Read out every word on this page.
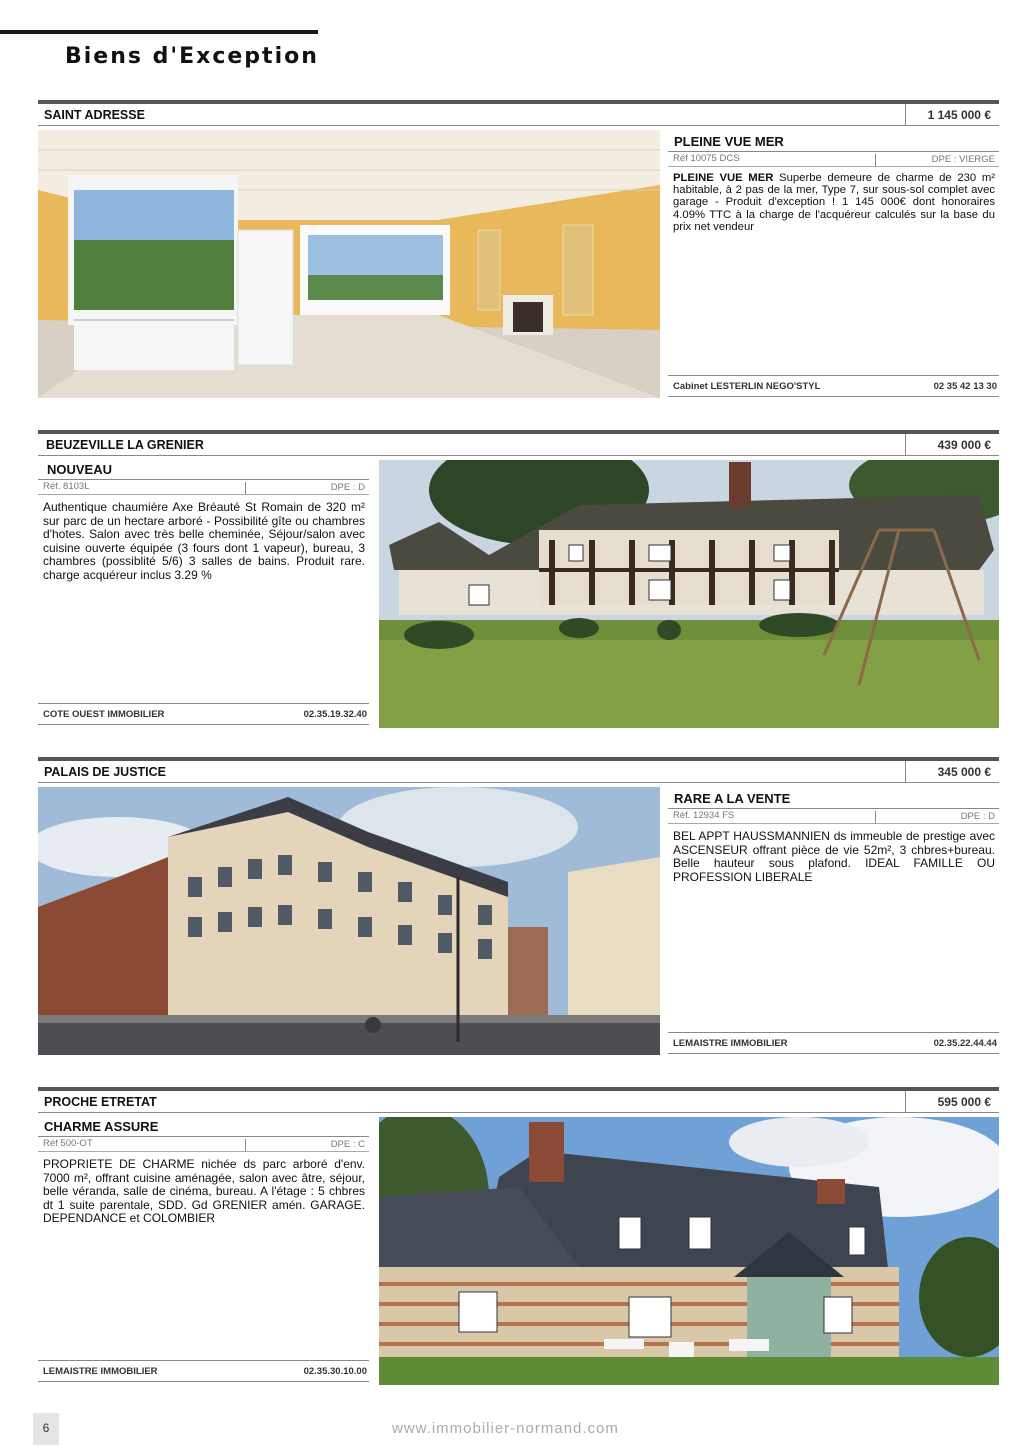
Biens d'Exception
SAINT ADRESSE	1 145 000 €
PLEINE VUE MER
Réf 10075 DCS	DPE : VIERGE
PLEINE VUE MER Superbe demeure de charme de 230 m² habitable, à 2 pas de la mer, Type 7, sur sous-sol complet avec garage - Produit d'exception ! 1 145 000€ dont honoraires 4.09% TTC à la charge de l'acquéreur calculés sur la base du prix net vendeur
Cabinet LESTERLIN NEGO'STYL	02 35 42 13 30
BEUZEVILLE LA GRENIER	439 000 €
NOUVEAU
Réf. 8103L	DPE : D
Authentique chaumière Axe Bréauté St Romain de 320 m² sur parc de un hectare arboré - Possibilité gîte ou chambres d'hotes. Salon avec très belle cheminée, Séjour/salon avec cuisine ouverte équipée (3 fours dont 1 vapeur), bureau, 3 chambres (possiblité 5/6) 3 salles de bains. Produit rare. charge acquéreur inclus 3.29 %
COTE OUEST IMMOBILIER	02.35.19.32.40
PALAIS DE JUSTICE	345 000 €
RARE A LA VENTE
Réf. 12934 FS	DPE : D
BEL APPT HAUSSMANNIEN ds immeuble de prestige avec ASCENSEUR offrant pièce de vie 52m², 3 chbres+bureau. Belle hauteur sous plafond. IDEAL FAMILLE OU PROFESSION LIBERALE
LEMAISTRE IMMOBILIER	02.35.22.44.44
PROCHE ETRETAT	595 000 €
CHARME ASSURE
Réf 500-OT	DPE : C
PROPRIETE DE CHARME nichée ds parc arboré d'env. 7000 m², offrant cuisine aménagée, salon avec âtre, séjour, belle véranda, salle de cinéma, bureau. A l'étage : 5 chbres dt 1 suite parentale, SDD. Gd GRENIER amén. GARAGE. DEPENDANCE et COLOMBIER
LEMAISTRE IMMOBILIER	02.35.30.10.00
6	www.immobilier-normand.com
